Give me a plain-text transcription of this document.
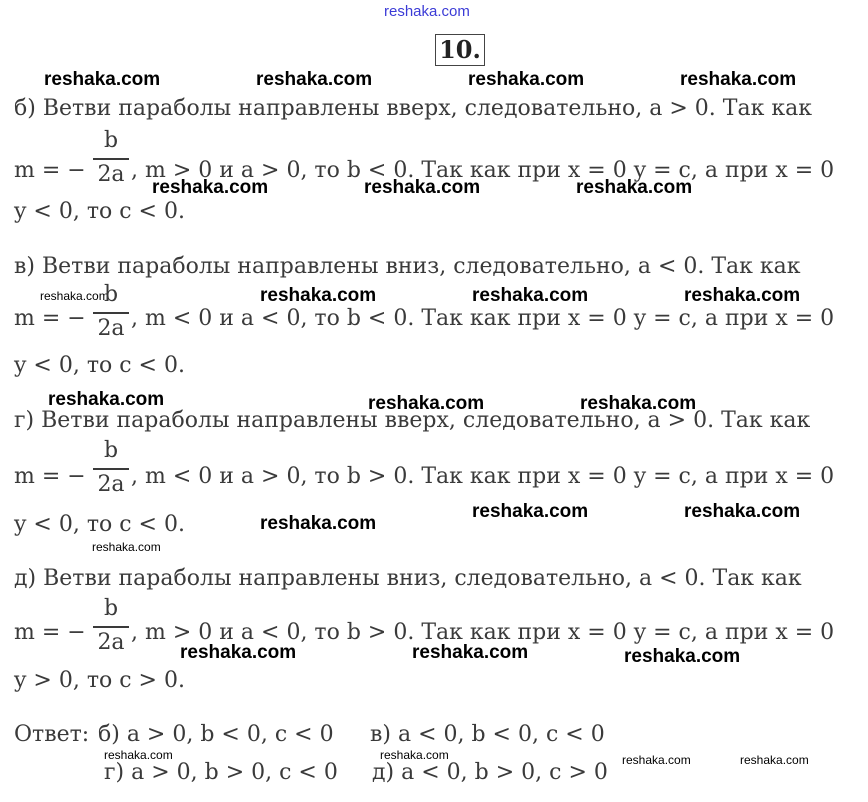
reshaka.com
10.
reshaka.com	reshaka.com	reshaka.com	reshaka.com
б) Ветви параболы направлены вверх, следовательно, a > 0. Так как
m = −
b
2a , m > 0 и a > 0, то b < 0. Так как при x = 0 y = c, а при x = 0
y < 0, то c < 0.
reshaka.com	reshaka.com	reshaka.com
в) Ветви параболы направлены вниз, следовательно, a < 0. Так как
reshaka.com
m = −
b
2a , m < 0 и a < 0, то b < 0. Так как при x = 0 y = c, а при x = 0
reshaka.com	reshaka.com	reshaka.com
y < 0, то c < 0.
reshaka.com	reshaka.com	reshaka.com
г) Ветви параболы направлены вверх, следовательно, a > 0. Так как
m = −
b
2a , m < 0 и a > 0, то b > 0. Так как при x = 0 y = c, а при x = 0
y < 0, то c < 0.	reshaka.com
reshaka.com	reshaka.com
reshaka.com
д) Ветви параболы направлены вниз, следовательно, a < 0. Так как
m = −
b
2a , m > 0 и a < 0, то b > 0. Так как при x = 0 y = c, а при x = 0
reshaka.com	reshaka.com	reshaka.com
y > 0, то c > 0.
Ответ: б) a > 0, b < 0, c < 0 в) a < 0, b < 0, c < 0
reshaka.com	reshaka.com	reshaka.com	reshaka.com
г) a > 0, b > 0, c < 0 д) a < 0, b > 0, c > 0
